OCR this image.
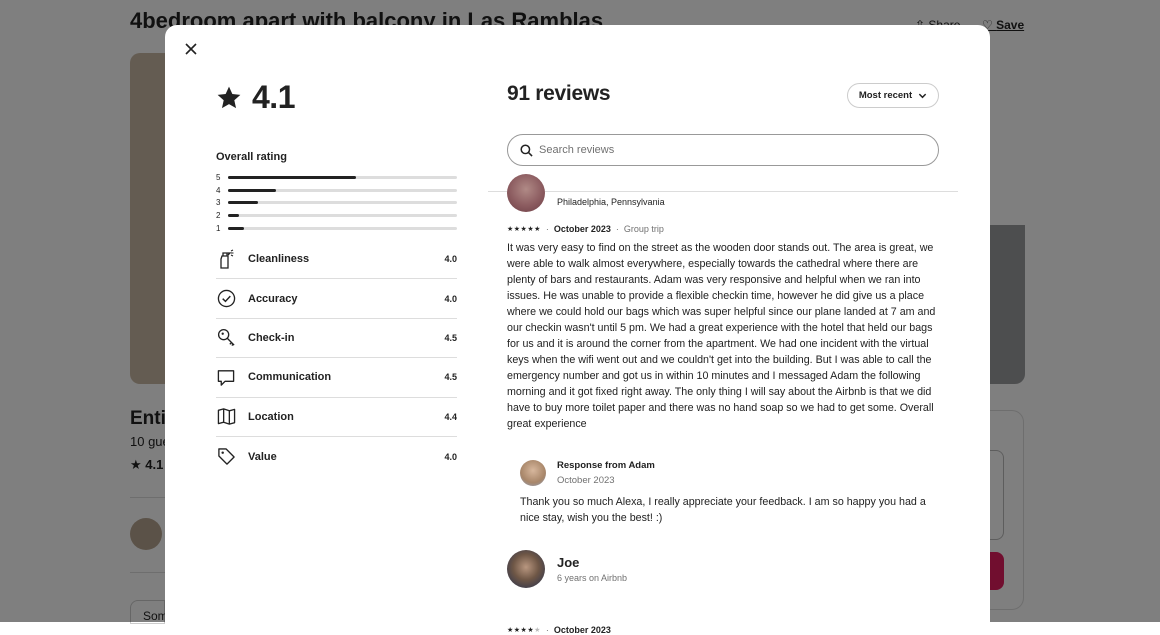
4.1
Overall rating
5
4
3
2
1
Cleanliness	4.0
Accuracy	4.0
Check-in	4.5
Communication	4.5
Location	4.4
Value	4.0
91 reviews	Most recent
Search reviews
Philadelphia, Pennsylvania
★★★★★ · October 2023 · Group trip
It was very easy to find on the street as the wooden door stands out. The area is great, we were able to walk almost everywhere, especially towards the cathedral where there are plenty of bars and restaurants. Adam was very responsive and helpful when we ran into issues. He was unable to provide a flexible checkin time, however he did give us a place where we could hold our bags which was super helpful since our plane landed at 7 am and our checkin wasn't until 5 pm. We had a great experience with the hotel that held our bags for us and it is around the corner from the apartment. We had one incident with the virtual keys when the wifi went out and we couldn't get into the building. But I was able to call the emergency number and got us in within 10 minutes and I messaged Adam the following morning and it got fixed right away. The only thing I will say about the Airbnb is that we did have to buy more toilet paper and there was no hand soap so we had to get some. Overall great experience
Response from Adam
October 2023
Thank you so much Alexa, I really appreciate your feedback. I am so happy you had a nice stay, wish you the best! :)
Joe
6 years on Airbnb
★★★★★ · October 2023
